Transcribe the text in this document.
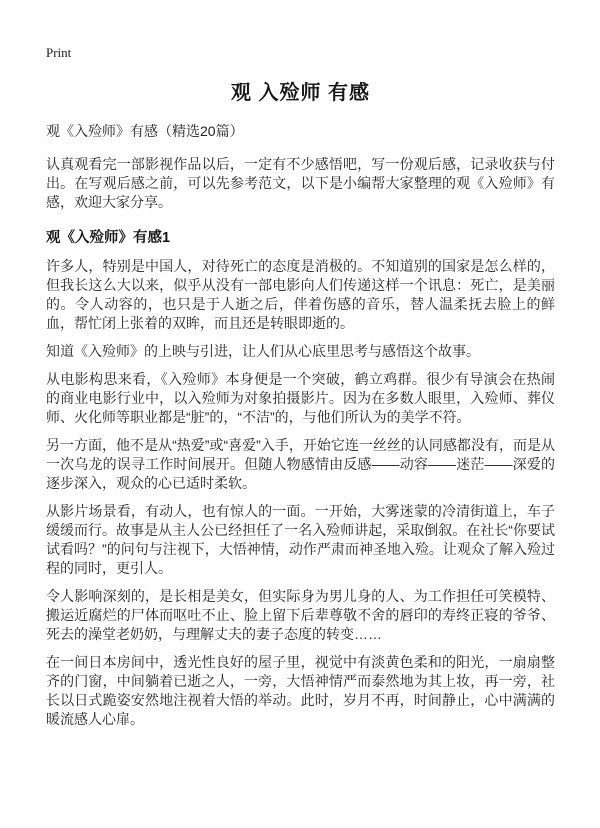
Print
观 入殓师 有感
观《入殓师》有感（精选20篇）

认真观看完一部影视作品以后，一定有不少感悟吧，写一份观后感，记录收获与付出。在写观后感之前，可以先参考范文，以下是小编帮大家整理的观《入殓师》有感，欢迎大家分享。

观《入殓师》有感1

许多人，特别是中国人，对待死亡的态度是消极的。不知道别的国家是怎么样的，但我长这么大以来，似乎从没有一部电影向人们传递这样一个讯息：死亡，是美丽的。令人动容的，也只是于人逝之后，伴着伤感的音乐，替人温柔抚去脸上的鲜血，帮忙闭上张着的双眸，而且还是转眼即逝的。

知道《入殓师》的上映与引进，让人们从心底里思考与感悟这个故事。

从电影构思来看，《入殓师》本身便是一个突破，鹤立鸡群。很少有导演会在热闹的商业电影行业中，以入殓师为对象拍摄影片。因为在多数人眼里，入殓师、葬仪师、火化师等职业都是“脏”的，“不洁”的，与他们所认为的美学不符。

另一方面，他不是从“热爱”或“喜爱”入手，开始它连一丝丝的认同感都没有，而是从一次乌龙的误寻工作时间展开。但随人物感情由反感——动容——迷茫——深爱的逐步深入，观众的心已适时柔软。

从影片场景看，有动人，也有惊人的一面。一开始，大雾迷蒙的冷清街道上，车子缓缓而行。故事是从主人公已经担任了一名入殓师讲起，采取倒叙。在社长“你要试试看吗？”的问句与注视下，大悟神情，动作严肃而神圣地入殓。让观众了解入殓过程的同时，更引人。

令人影响深刻的，是长相是美女，但实际身为男儿身的人、为工作担任可笑模特、搬运近腐烂的尸体而呕吐不止、脸上留下后辈尊敬不舍的唇印的寿终正寝的爷爷、死去的澡堂老奶奶，与理解丈夫的妻子态度的转变……

在一间日本房间中，透光性良好的屋子里，视觉中有淡黄色柔和的阳光，一扇扇整齐的门窗，中间躺着已逝之人，一旁，大悟神情严而泰然地为其上妆，再一旁，社长以日式跪姿安然地注视着大悟的举动。此时，岁月不再，时间静止，心中满满的暖流感人心扉。
